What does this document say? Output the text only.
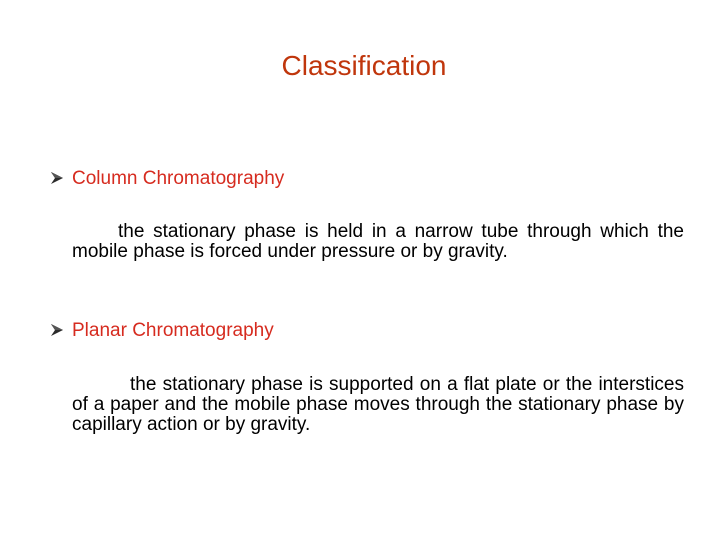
Classification
Column Chromatography
the stationary phase is held in a narrow tube through which the mobile phase is forced under pressure or by gravity.
Planar Chromatography
the stationary phase is supported on a flat plate or the interstices of a paper and the mobile phase moves through the stationary phase by capillary action or by gravity.
